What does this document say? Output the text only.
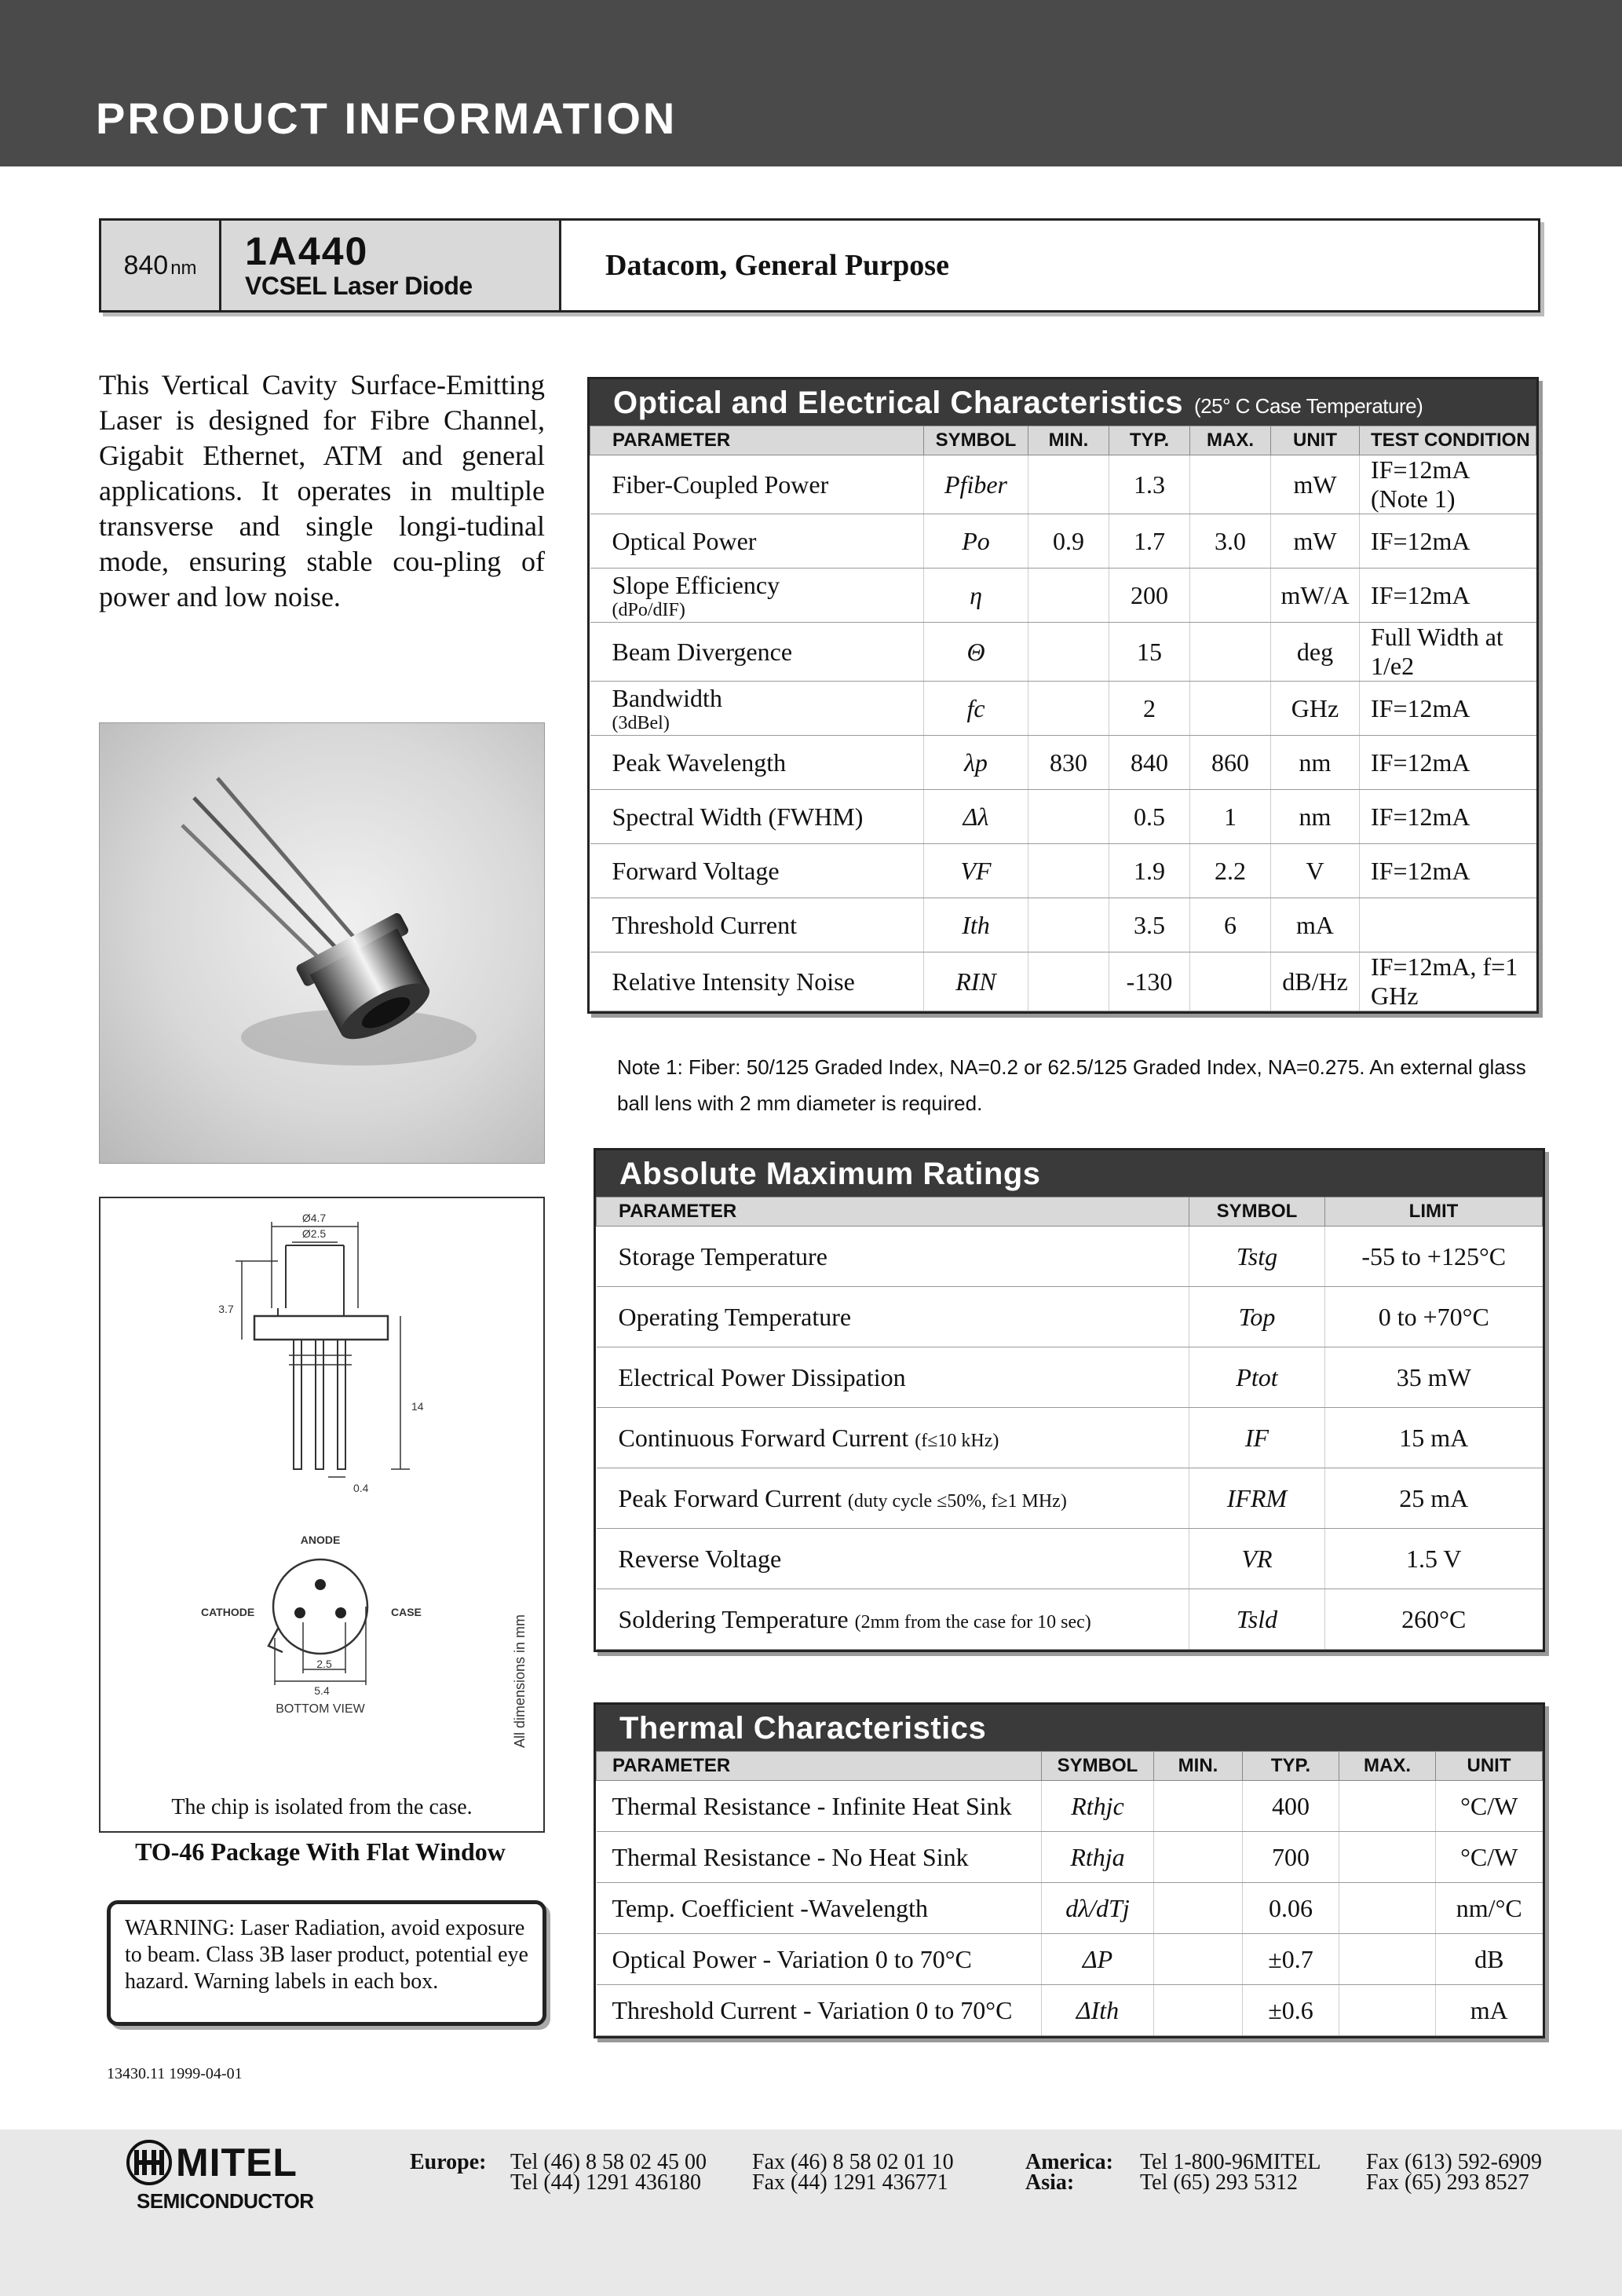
PRODUCT INFORMATION
840 nm 1A440
VCSEL Laser Diode
Datacom, General Purpose
This Vertical Cavity Surface-Emitting Laser is designed for Fibre Channel, Gigabit Ethernet, ATM and general applications. It operates in multiple transverse and single longi-tudinal mode, ensuring stable cou-pling of power and low noise.
Ø4.7
Ø2.5
3.7
14
0.4
ANODE
CATHODE	CASE
2.5
5.4
BOTTOM VIEW	All dimensions in mm
The chip is isolated from the case.
TO-46 Package With Flat Window
WARNING: Laser Radiation, avoid exposure to beam. Class 3B laser product, potential eye hazard. Warning labels in each box.
13430.11 1999-04-01
Optical and Electrical Characteristics (25° C Case Temperature)
PARAMETER	SYMBOL	MIN.	TYP.	MAX.	UNIT	TEST CONDITION
Fiber-Coupled Power	Pfiber		1.3		mW	IF=12mA (Note 1)
Optical Power	Po	0.9	1.7	3.0	mW	IF=12mA
Slope Efficiency
(dPo/dIF)	η		200		mW/A	IF=12mA
Beam Divergence	Θ		15		deg	Full Width at 1/e2
Bandwidth
(3dBel)	fc		2		GHz	IF=12mA
Peak Wavelength	λp	830	840	860	nm	IF=12mA
Spectral Width (FWHM)	Δλ		0.5	1	nm	IF=12mA
Forward Voltage	VF		1.9	2.2	V	IF=12mA
Threshold Current	Ith		3.5	6	mA	
Relative Intensity Noise	RIN		-130		dB/Hz	IF=12mA, f=1 GHz
Note 1: Fiber: 50/125 Graded Index, NA=0.2 or 62.5/125 Graded Index, NA=0.275. An external glass ball lens with 2 mm diameter is required.
Absolute Maximum Ratings
PARAMETER	SYMBOL	LIMIT
Storage Temperature	Tstg	-55 to +125°C
Operating Temperature	Top	0 to +70°C
Electrical Power Dissipation	Ptot	35 mW
Continuous Forward Current (f≤10 kHz)	IF	15 mA
Peak Forward Current (duty cycle ≤50%, f≥1 MHz)	IFRM	25 mA
Reverse Voltage	VR	1.5 V
Soldering Temperature (2mm from the case for 10 sec)	Tsld	260°C
Thermal Characteristics
PARAMETER	SYMBOL	MIN.	TYP.	MAX.	UNIT
Thermal Resistance - Infinite Heat Sink	Rthjc		400		°C/W
Thermal Resistance - No Heat Sink	Rthja		700		°C/W
Temp. Coefficient -Wavelength	dλ/dTj		0.06		nm/°C
Optical Power - Variation 0 to 70°C	ΔP		±0.7		dB
Threshold Current - Variation 0 to 70°C	ΔIth		±0.6		mA
MITEL
SEMICONDUCTOR
Europe: Tel (46) 8 58 02 45 00 Fax (46) 8 58 02 01 10
Tel (44) 1291 436180 Fax (44) 1291 436771
America: Tel 1-800-96MITEL Fax (613) 592-6909
Asia:	Tel (65) 293 5312	Fax (65) 293 8527
